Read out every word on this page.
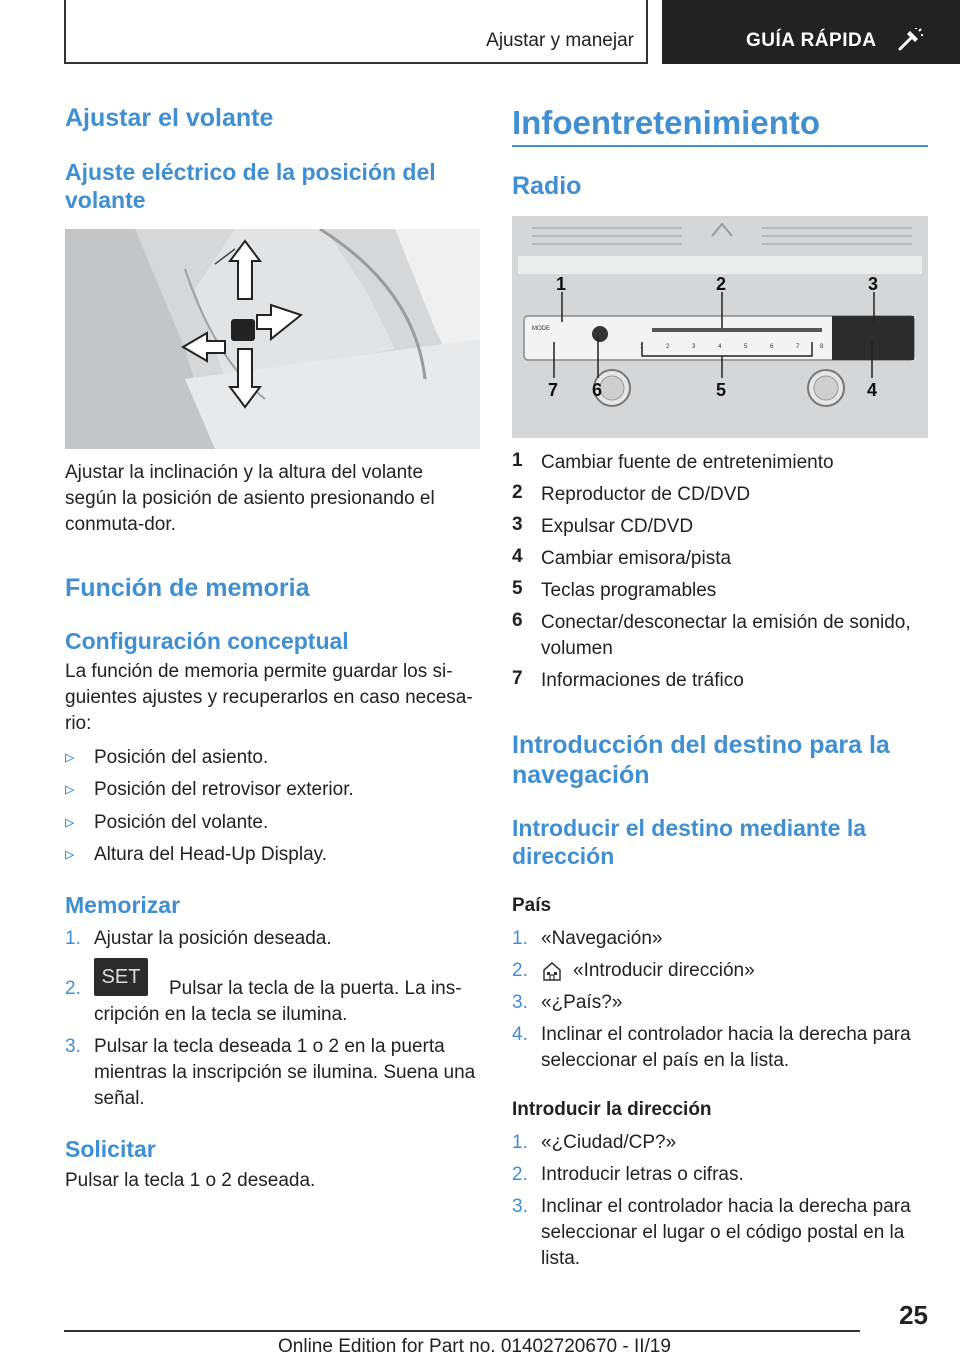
Ajustar y manejar	GUÍA RÁPIDA
Ajustar el volante
Ajuste eléctrico de la posición del volante

Ajustar la inclinación y la altura del volante según la posición de asiento presionando el conmuta-dor.

Función de memoria
Configuración conceptual

La función de memoria permite guardar los si-guientes ajustes y recuperarlos en caso necesa-rio:

▹ Posición del asiento.
▹ Posición del retrovisor exterior.
▹ Posición del volante.
▹ Altura del Head-Up Display.
Memorizar
1. Ajustar la posición deseada.
2.
SET
Pulsar la tecla de la puerta. La ins-
cripción en la tecla se ilumina.
3. Pulsar la tecla deseada 1 o 2 en la puerta
mientras la inscripción se ilumina. Suena una
señal.
Solicitar

Pulsar la tecla 1 o 2 deseada.

Infoentretenimiento
Radio
MODE
1	2	3	4	5	6	7	8
1	2	3
4
5
6
7
1 Cambiar fuente de entretenimiento
2 Reproductor de CD/DVD
3 Expulsar CD/DVD
4 Cambiar emisora/pista
5 Teclas programables
6 Conectar/desconectar la emisión de sonido,
volumen
7 Informaciones de tráfico
Introducción del destino para la navegación
Introducir el destino mediante la dirección
País
1. «Navegación»
2. «Introducir dirección»
3. «¿País?»
4. Inclinar el controlador hacia la derecha para
seleccionar el país en la lista.
Introducir la dirección
1. «¿Ciudad/CP?»
2. Introducir letras o cifras.
3. Inclinar el controlador hacia la derecha para
seleccionar el lugar o el código postal en la
lista.
25
Online Edition for Part no. 01402720670 - II/19
